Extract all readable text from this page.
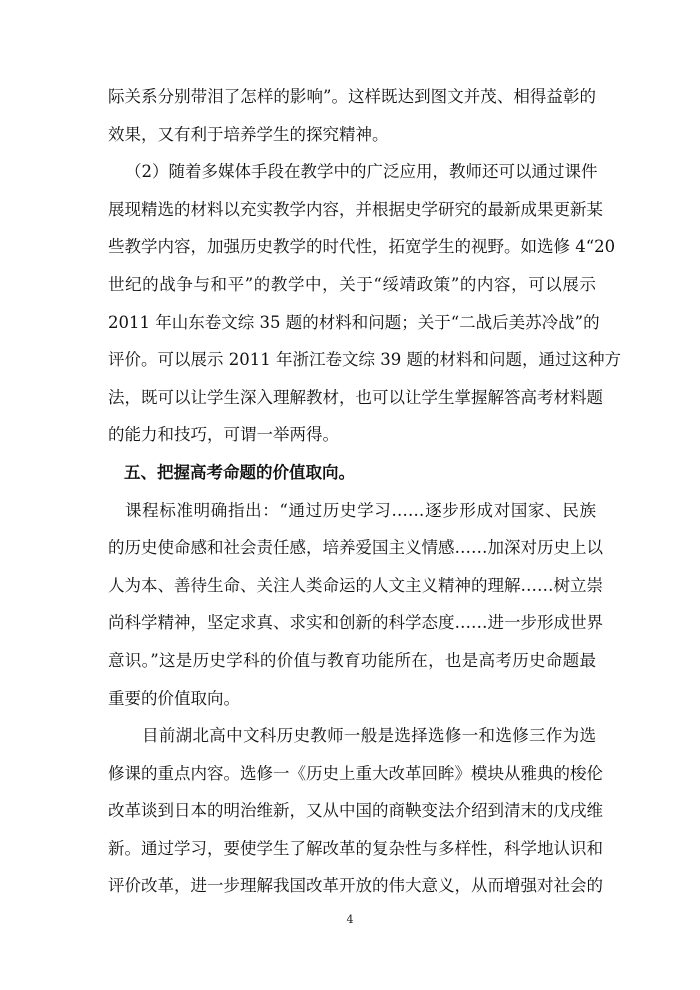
际关系分别带泪了怎样的影响”。这样既达到图文并茂、相得益彰的
效果，又有利于培养学生的探究精神。
（2）随着多媒体手段在教学中的广泛应用，教师还可以通过课件
展现精选的材料以充实教学内容，并根据史学研究的最新成果更新某
些教学内容，加强历史教学的时代性，拓宽学生的视野。如选修 4“20
世纪的战争与和平”的教学中，关于“绥靖政策”的内容，可以展示
2011 年山东卷文综 35 题的材料和问题；关于“二战后美苏冷战”的
评价。可以展示 2011 年浙江卷文综 39 题的材料和问题，通过这种方
法，既可以让学生深入理解教材，也可以让学生掌握解答高考材料题
的能力和技巧，可谓一举两得。
五、把握高考命题的价值取向。
课程标准明确指出：“通过历史学习……逐步形成对国家、民族
的历史使命感和社会责任感，培养爱国主义情感……加深对历史上以
人为本、善待生命、关注人类命运的人文主义精神的理解……树立崇
尚科学精神，坚定求真、求实和创新的科学态度……进一步形成世界
意识。”这是历史学科的价值与教育功能所在，也是高考历史命题最
重要的价值取向。
目前湖北高中文科历史教师一般是选择选修一和选修三作为选
修课的重点内容。选修一《历史上重大改革回眸》模块从雅典的梭伦
改革谈到日本的明治维新，又从中国的商鞅变法介绍到清末的戊戌维
新。通过学习，要使学生了解改革的复杂性与多样性，科学地认识和
评价改革，进一步理解我国改革开放的伟大意义，从而增强对社会的
4
